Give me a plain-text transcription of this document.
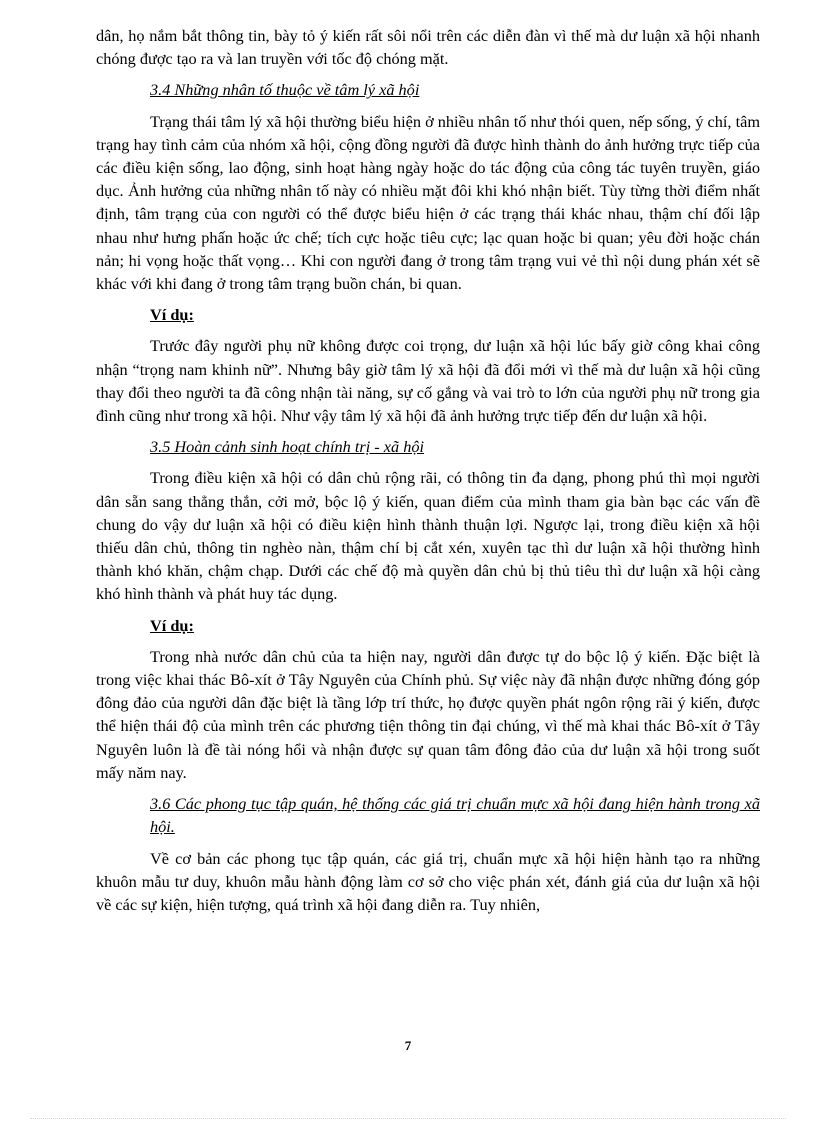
dân, họ nắm bắt thông tin, bày tỏ ý kiến rất sôi nổi trên các diễn đàn vì thế mà dư luận xã hội nhanh chóng được tạo ra và lan truyền với tốc độ chóng mặt.

3.4 Những nhân tố thuộc về tâm lý xã hội

Trạng thái tâm lý xã hội thường biểu hiện ở nhiều nhân tố như thói quen, nếp sống, ý chí, tâm trạng hay tình cảm của nhóm xã hội, cộng đồng người đã được hình thành do ảnh hưởng trực tiếp của các điều kiện sống, lao động, sinh hoạt hàng ngày hoặc do tác động của công tác tuyên truyền, giáo dục. Ảnh hưởng của những nhân tố này có nhiều mặt đôi khi khó nhận biết. Tùy từng thời điểm nhất định, tâm trạng của con người có thể được biểu hiện ở các trạng thái khác nhau, thậm chí đối lập nhau như hưng phấn hoặc ức chế; tích cực hoặc tiêu cực; lạc quan hoặc bi quan; yêu đời hoặc chán nản; hi vọng hoặc thất vọng… Khi con người đang ở trong tâm trạng vui vẻ thì nội dung phán xét sẽ khác với khi đang ở trong tâm trạng buồn chán, bi quan.

Ví dụ:

Trước đây người phụ nữ không được coi trọng, dư luận xã hội lúc bấy giờ công khai công nhận “trọng nam khinh nữ”. Nhưng bây giờ tâm lý xã hội đã đổi mới vì thế mà dư luận xã hội cũng thay đổi theo người ta đã công nhận tài năng, sự cố gắng và vai trò to lớn của người phụ nữ trong gia đình cũng như trong xã hội. Như vậy tâm lý xã hội đã ảnh hưởng trực tiếp đến dư luận xã hội.

3.5 Hoàn cảnh sinh hoạt chính trị - xã hội

Trong điều kiện xã hội có dân chủ rộng rãi, có thông tin đa dạng, phong phú thì mọi người dân sẵn sang thẳng thắn, cởi mở, bộc lộ ý kiến, quan điểm của mình tham gia bàn bạc các vấn đề chung do vậy dư luận xã hội có điều kiện hình thành thuận lợi. Ngược lại, trong điều kiện xã hội thiếu dân chủ, thông tin nghèo nàn, thậm chí bị cắt xén, xuyên tạc thì dư luận xã hội thường hình thành khó khăn, chậm chạp. Dưới các chế độ mà quyền dân chủ bị thủ tiêu thì dư luận xã hội càng khó hình thành và phát huy tác dụng.

Ví dụ:

Trong nhà nước dân chủ của ta hiện nay, người dân được tự do bộc lộ ý kiến. Đặc biệt là trong việc khai thác Bô-xít ở Tây Nguyên của Chính phủ. Sự việc này đã nhận được những đóng góp đông đảo của người dân đặc biệt là tầng lớp trí thức, họ được quyền phát ngôn rộng rãi ý kiến, được thể hiện thái độ của mình trên các phương tiện thông tin đại chúng, vì thế mà khai thác Bô-xít ở Tây Nguyên luôn là đề tài nóng hổi và nhận được sự quan tâm đông đảo của dư luận xã hội trong suốt mấy năm nay.

3.6 Các phong tục tập quán, hệ thống các giá trị chuẩn mực xã hội đang hiện hành trong xã hội.

Về cơ bản các phong tục tập quán, các giá trị, chuẩn mực xã hội hiện hành tạo ra những khuôn mẫu tư duy, khuôn mẫu hành động làm cơ sở cho việc phán xét, đánh giá của dư luận xã hội về các sự kiện, hiện tượng, quá trình xã hội đang diễn ra. Tuy nhiên,

7
